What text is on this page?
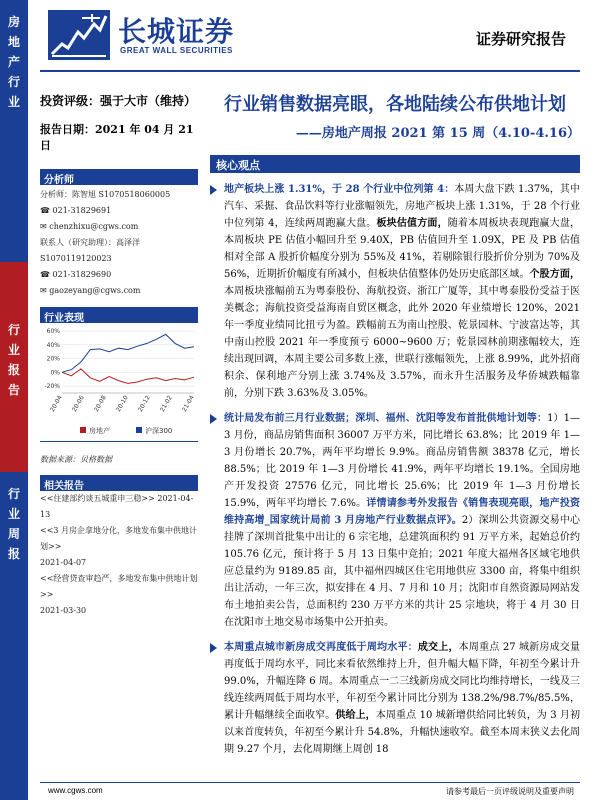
房
地
产
行
业
行
业
报
告
行
业
周
报
长城证券
GREAT WALL SECURITIES
证券研究报告
投资评级：强于大市（维持）
报告日期：2021 年 04 月 21 日
分析师
分析师：陈智旭 S1070518060005
☎ 021-31829691
✉ chenzhixu@cgws.com
联系人（研究助理）：高泽洋
S1070119120023
☎ 021-31829690
✉ gaozeyang@cgws.com
行业表现
60%
40%
20%
0%
-20%
20-04 20-06 20-08 20-10 20-12 21-02 21-04
房地产	沪深300
数据来源：贝格数据
相关报告
<<住建部约谈五城重申三稳>> 2021-04-13
<<3 月房企拿地分化，多地发布集中供地计划>>
2021-04-07
<<经营贷查审趋严，多地发布集中供地计划>>
2021-03-30
行业销售数据亮眼，各地陆续公布供地计划
——房地产周报 2021 第 15 周（4.10-4.16）
核心观点
地产板块上涨 1.31%，于 28 个行业中位列第 4：本周大盘下跌 1.37%，其中汽车、采掘、食品饮料等行业涨幅领先，房地产板块上涨 1.31%，于 28 个行业中位列第 4，连续两周跑赢大盘。板块估值方面，随着本周板块表现跑赢大盘，本周板块 PE 估值小幅回升至 9.40X，PB 估值回升至 1.09X，PE 及 PB 估值相对全部 A 股折价幅度分别为 55%及 41%，若剔除银行股折价分别为 70%及 56%，近期折价幅度有所减小，但板块估值整体仍处历史底部区域。个股方面，本周板块涨幅前五为粤泰股份、海航投资、浙江广厦等，其中粤泰股份受益于医美概念；海航投资受益海南自贸区概念，此外 2020 年业绩增长 120%，2021 年一季度业绩同比扭亏为盈。跌幅前五为南山控股、乾景园林、宁波富达等，其中南山控股 2021 年一季度预亏 6000~9600 万；乾景园林前期涨幅较大，连续出现回调，本周主要公司多数上涨，世联行涨幅领先，上涨 8.99%，此外招商积余、保利地产分别上涨 3.74%及 3.57%，而永升生活服务及华侨城跌幅靠前，分别下跌 3.63%及 3.05%。
统计局发布前三月行业数据；深圳、福州、沈阳等发布首批供地计划等：1）1—3 月份，商品房销售面积 36007 万平方米，同比增长 63.8%；比 2019 年 1—3 月份增长 20.7%，两年平均增长 9.9%。商品房销售额 38378 亿元，增长 88.5%；比 2019 年 1—3 月份增长 41.9%，两年平均增长 19.1%。全国房地产开发投资 27576 亿元，同比增长 25.6%；比 2019 年 1—3 月份增长 15.9%，两年平均增长 7.6%。详情请参考外发报告《销售表现亮眼，地产投资维持高增_国家统计局前 3 月房地产行业数据点评》。2）深圳公共资源交易中心挂牌了深圳首批集中出让的 6 宗宅地，总建筑面积约 91 万平方米，起始总价约 105.76 亿元，预计将于 5 月 13 日集中竞拍；2021 年度大福州各区域宅地供应总量约为 9189.85 亩，其中福州四城区住宅用地供应 3300 亩，将集中组织出让活动，一年三次，拟安排在 4 月、7 月和 10 月；沈阳市自然资源局网站发布土地拍卖公告，总面积约 230 万平方米的共计 25 宗地块，将于 4 月 30 日在沈阳市土地交易市场集中公开拍卖。
本周重点城市新房成交再度低于周均水平：成交上，本周重点 27 城新房成交量再度低于周均水平，同比来看依然维持上升，但升幅大幅下降，年初至今累计升 99.0%，升幅连降 6 周。本周重点一二三线新房成交同比均维持增长，一线及三线连续两周低于周均水平，年初至今累计同比分别为 138.2%/98.7%/85.5%，累计升幅继续全面收窄。供给上，本周重点 10 城新增供给同比转负，为 3 月初以来首度转负，年初至今累计升 54.8%，升幅快速收窄。截至本周末狭义去化周期 9.27 个月，去化周期继上周创 18
www.cgws.com	请参考最后一页评级说明及重要声明
